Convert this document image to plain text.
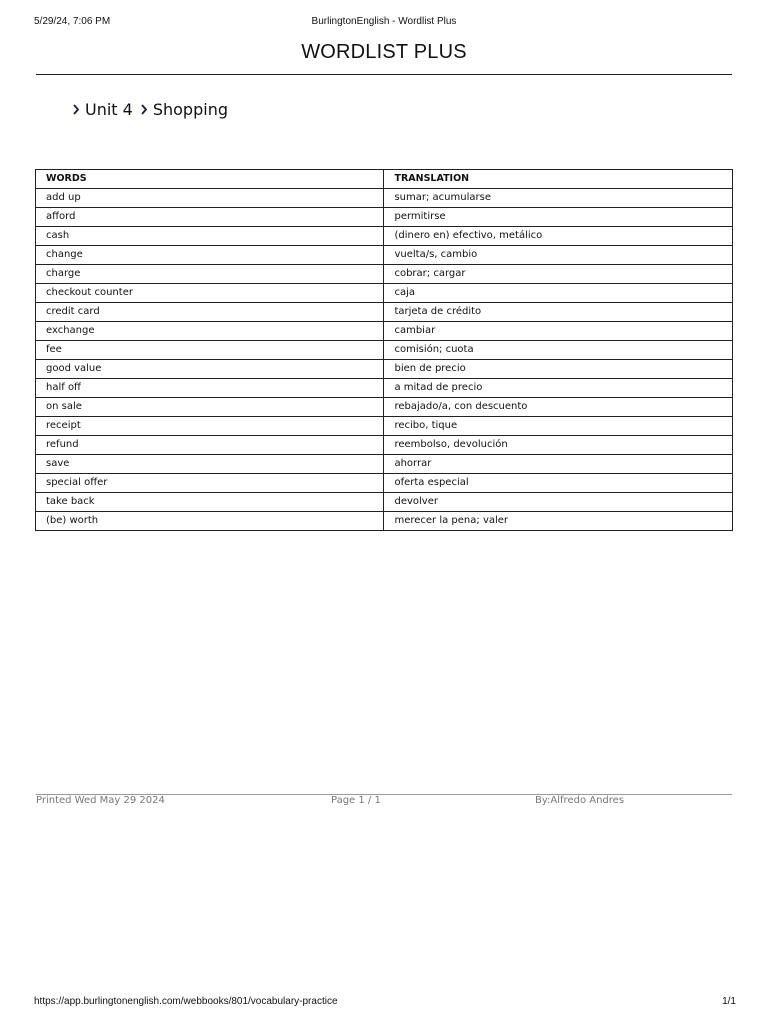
5/29/24, 7:06 PM	BurlingtonEnglish - Wordlist Plus
WORDLIST PLUS
Unit 4 Shopping
WORDS	TRANSLATION
add up	sumar; acumularse
afford	permitirse
cash	(dinero en) efectivo, metálico
change	vuelta/s, cambio
charge	cobrar; cargar
checkout counter	caja
credit card	tarjeta de crédito
exchange	cambiar
fee	comisión; cuota
good value	bien de precio
half off	a mitad de precio
on sale	rebajado/a, con descuento
receipt	recibo, tique
refund	reembolso, devolución
save	ahorrar
special offer	oferta especial
take back	devolver
(be) worth	merecer la pena; valer
Printed Wed May 29 2024	Page 1 / 1	By:Alfredo Andres
https://app.burlingtonenglish.com/webbooks/801/vocabulary-practice	1/1
